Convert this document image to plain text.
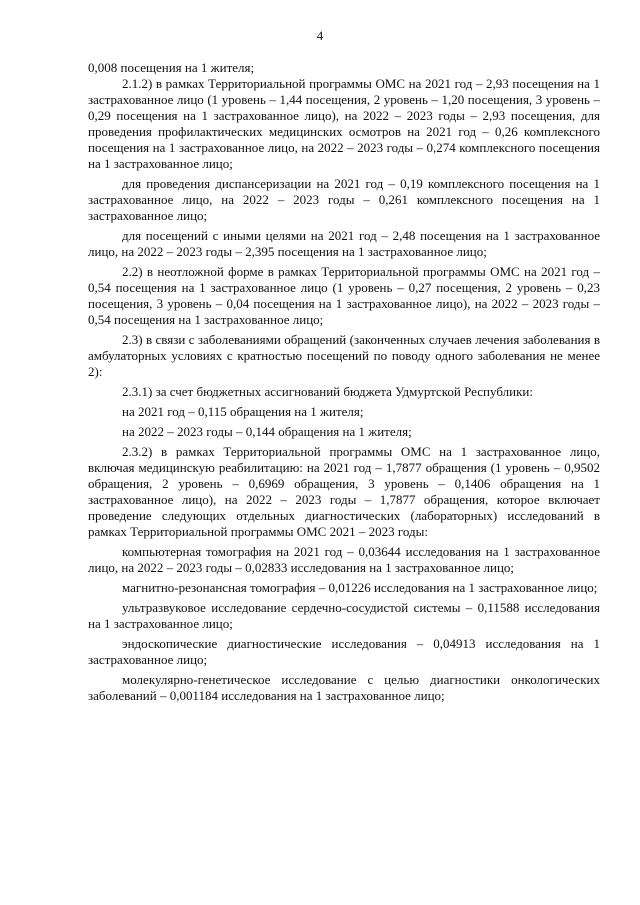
4

0,008 посещения на 1 жителя;

2.1.2) в рамках Территориальной программы ОМС на 2021 год – 2,93 посещения на 1 застрахованное лицо (1 уровень – 1,44 посещения, 2 уровень – 1,20 посещения, 3 уровень – 0,29 посещения на 1 застрахованное лицо), на 2022 – 2023 годы – 2,93 посещения, для проведения профилактических медицинских осмотров на 2021 год – 0,26 комплексного посещения на 1 застрахованное лицо, на 2022 – 2023 годы – 0,274 комплексного посещения на 1 застрахованное лицо;

для проведения диспансеризации на 2021 год – 0,19 комплексного посещения на 1 застрахованное лицо, на 2022 – 2023 годы – 0,261 комплексного посещения на 1 застрахованное лицо;

для посещений с иными целями на 2021 год – 2,48 посещения на 1 застрахованное лицо, на 2022 – 2023 годы – 2,395 посещения на 1 застрахованное лицо;

2.2) в неотложной форме в рамках Территориальной программы ОМС на 2021 год – 0,54 посещения на 1 застрахованное лицо (1 уровень – 0,27 посещения, 2 уровень – 0,23 посещения, 3 уровень – 0,04 посещения на 1 застрахованное лицо), на 2022 – 2023 годы – 0,54 посещения на 1 застрахованное лицо;

2.3) в связи с заболеваниями обращений (законченных случаев лечения заболевания в амбулаторных условиях с кратностью посещений по поводу одного заболевания не менее 2):

2.3.1) за счет бюджетных ассигнований бюджета Удмуртской Республики:

на 2021 год – 0,115 обращения на 1 жителя;

на 2022 – 2023 годы – 0,144 обращения на 1 жителя;

2.3.2) в рамках Территориальной программы ОМС на 1 застрахованное лицо, включая медицинскую реабилитацию: на 2021 год – 1,7877 обращения (1 уровень – 0,9502 обращения, 2 уровень – 0,6969 обращения, 3 уровень – 0,1406 обращения на 1 застрахованное лицо), на 2022 – 2023 годы – 1,7877 обращения, которое включает проведение следующих отдельных диагностических (лабораторных) исследований в рамках Территориальной программы ОМС 2021 – 2023 годы:

компьютерная томография на 2021 год – 0,03644 исследования на 1 застрахованное лицо, на 2022 – 2023 годы – 0,02833 исследования на 1 застрахованное лицо;

магнитно-резонансная томография – 0,01226 исследования на 1 застрахованное лицо;

ультразвуковое исследование сердечно-сосудистой системы – 0,11588 исследования на 1 застрахованное лицо;

эндоскопические диагностические исследования – 0,04913 исследования на 1 застрахованное лицо;

молекулярно-генетическое исследование с целью диагностики онкологических заболеваний – 0,001184 исследования на 1 застрахованное лицо;
